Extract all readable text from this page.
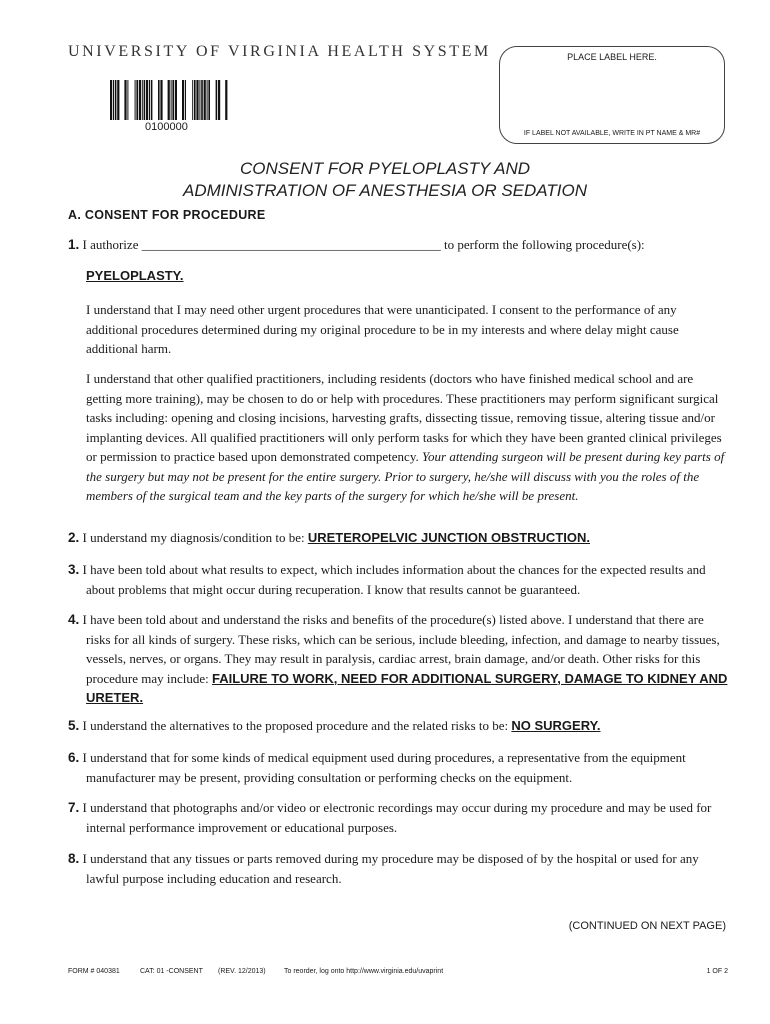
UNIVERSITY OF VIRGINIA HEALTH SYSTEM
0100000
PLACE LABEL HERE.
IF LABEL NOT AVAILABLE, WRITE IN PT NAME & MR#
CONSENT FOR PYELOPLASTY AND
ADMINISTRATION OF ANESTHESIA OR SEDATION
A. CONSENT FOR PROCEDURE
1. I authorize ______________________________________________ to perform the following procedure(s):
PYELOPLASTY.
I understand that I may need other urgent procedures that were unanticipated. I consent to the performance of any additional procedures determined during my original procedure to be in my interests and where delay might cause additional harm.
I understand that other qualified practitioners, including residents (doctors who have finished medical school and are getting more training), may be chosen to do or help with procedures. These practitioners may perform significant surgical tasks including: opening and closing incisions, harvesting grafts, dissecting tissue, removing tissue, altering tissue and/or implanting devices. All qualified practitioners will only perform tasks for which they have been granted clinical privileges or permission to practice based upon demonstrated competency. Your attending surgeon will be present during key parts of the surgery but may not be present for the entire surgery. Prior to surgery, he/she will discuss with you the roles of the members of the surgical team and the key parts of the surgery for which he/she will be present.
2. I understand my diagnosis/condition to be: URETEROPELVIC JUNCTION OBSTRUCTION.
3. I have been told about what results to expect, which includes information about the chances for the expected results and about problems that might occur during recuperation. I know that results cannot be guaranteed.
4. I have been told about and understand the risks and benefits of the procedure(s) listed above. I understand that there are risks for all kinds of surgery. These risks, which can be serious, include bleeding, infection, and damage to nearby tissues, vessels, nerves, or organs. They may result in paralysis, cardiac arrest, brain damage, and/or death. Other risks for this procedure may include: FAILURE TO WORK, NEED FOR ADDITIONAL SURGERY, DAMAGE TO KIDNEY AND URETER.
5. I understand the alternatives to the proposed procedure and the related risks to be: NO SURGERY.
6. I understand that for some kinds of medical equipment used during procedures, a representative from the equipment manufacturer may be present, providing consultation or performing checks on the equipment.
7. I understand that photographs and/or video or electronic recordings may occur during my procedure and may be used for internal performance improvement or educational purposes.
8. I understand that any tissues or parts removed during my procedure may be disposed of by the hospital or used for any lawful purpose including education and research.
(CONTINUED ON NEXT PAGE)
FORM # 040381	CAT: 01 -CONSENT (REV. 12/2013)	To reorder, log onto http://www.virginia.edu/uvaprint	1 OF 2
